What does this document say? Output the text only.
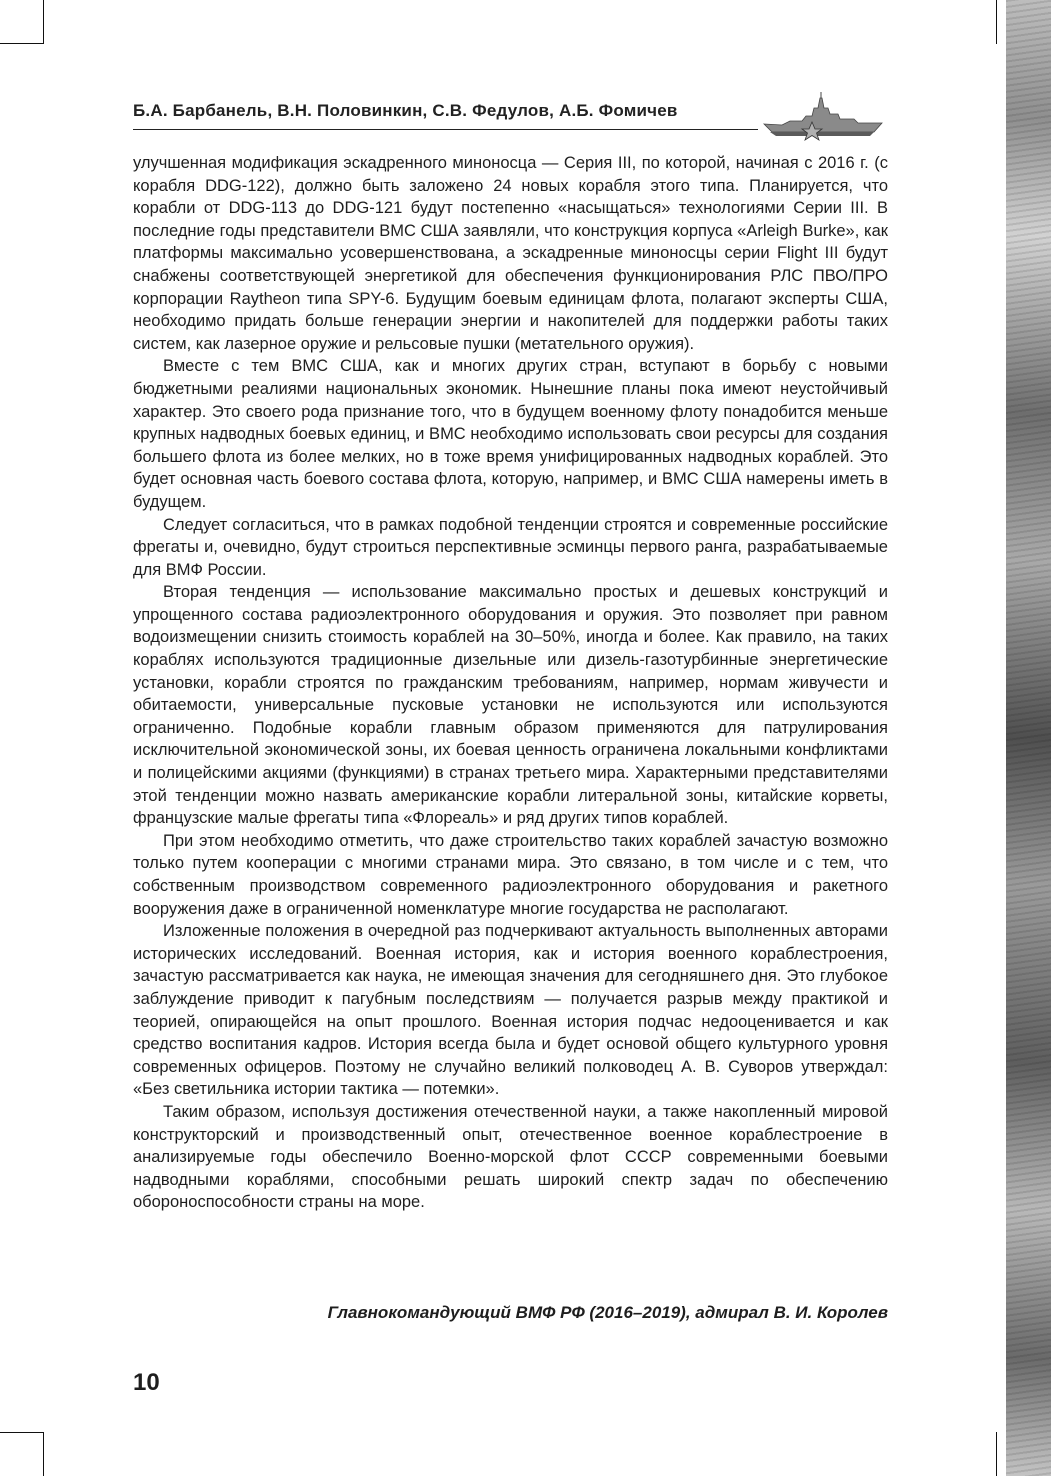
Б.А. Барбанель, В.Н. Половинкин, С.В. Федулов, А.Б. Фомичев

улучшенная модификация эскадренного миноносца — Серия III, по которой, начиная с 2016 г. (с корабля DDG-122), должно быть заложено 24 новых корабля этого типа. Планируется, что корабли от DDG-113 до DDG-121 будут постепенно «насыщаться» технологиями Серии III. В последние годы представители ВМС США заявляли, что конструкция корпуса «Arleigh Burke», как платформы максимально усовершенствована, а эскадренные миноносцы серии Flight III будут снабжены соответствующей энергетикой для обеспечения функционирования РЛС ПВО/ПРО корпорации Raytheon типа SPY-6. Будущим боевым единицам флота, полагают эксперты США, необходимо придать больше генерации энергии и накопителей для поддержки работы таких систем, как лазерное оружие и рельсовые пушки (метательного оружия).

Вместе с тем ВМС США, как и многих других стран, вступают в борьбу с новыми бюджетными реалиями национальных экономик. Нынешние планы пока имеют неустойчивый характер. Это своего рода признание того, что в будущем военному флоту понадобится меньше крупных надводных боевых единиц, и ВМС необходимо использовать свои ресурсы для создания большего флота из более мелких, но в тоже время унифицированных надводных кораблей. Это будет основная часть боевого состава флота, которую, например, и ВМС США намерены иметь в будущем.

Следует согласиться, что в рамках подобной тенденции строятся и современные российские фрегаты и, очевидно, будут строиться перспективные эсминцы первого ранга, разрабатываемые для ВМФ России.

Вторая тенденция — использование максимально простых и дешевых конструкций и упрощенного состава радиоэлектронного оборудования и оружия. Это позволяет при равном водоизмещении снизить стоимость кораблей на 30–50%, иногда и более. Как правило, на таких кораблях используются традиционные дизельные или дизель-газотурбинные энергетические установки, корабли строятся по гражданским требованиям, например, нормам живучести и обитаемости, универсальные пусковые установки не используются или используются ограниченно. Подобные корабли главным образом применяются для патрулирования исключительной экономической зоны, их боевая ценность ограничена локальными конфликтами и полицейскими акциями (функциями) в странах третьего мира. Характерными представителями этой тенденции можно назвать американские корабли литеральной зоны, китайские корветы, французские малые фрегаты типа «Флореаль» и ряд других типов кораблей.

При этом необходимо отметить, что даже строительство таких кораблей зачастую возможно только путем кооперации с многими странами мира. Это связано, в том числе и с тем, что собственным производством современного радиоэлектронного оборудования и ракетного вооружения даже в ограниченной номенклатуре многие государства не располагают.

Изложенные положения в очередной раз подчеркивают актуальность выполненных авторами исторических исследований. Военная история, как и история военного кораблестроения, зачастую рассматривается как наука, не имеющая значения для сегодняшнего дня. Это глубокое заблуждение приводит к пагубным последствиям — получается разрыв между практикой и теорией, опирающейся на опыт прошлого. Военная история подчас недооценивается и как средство воспитания кадров. История всегда была и будет основой общего культурного уровня современных офицеров. Поэтому не случайно великий полководец А. В. Суворов утверждал: «Без светильника истории тактика — потемки».

Таким образом, используя достижения отечественной науки, а также накопленный мировой конструкторский и производственный опыт, отечественное военное кораблестроение в анализируемые годы обеспечило Военно-морской флот СССР современными боевыми надводными кораблями, способными решать широкий спектр задач по обеспечению обороноспособности страны на море.

Главнокомандующий ВМФ РФ (2016–2019), адмирал В. И. Королев
10
